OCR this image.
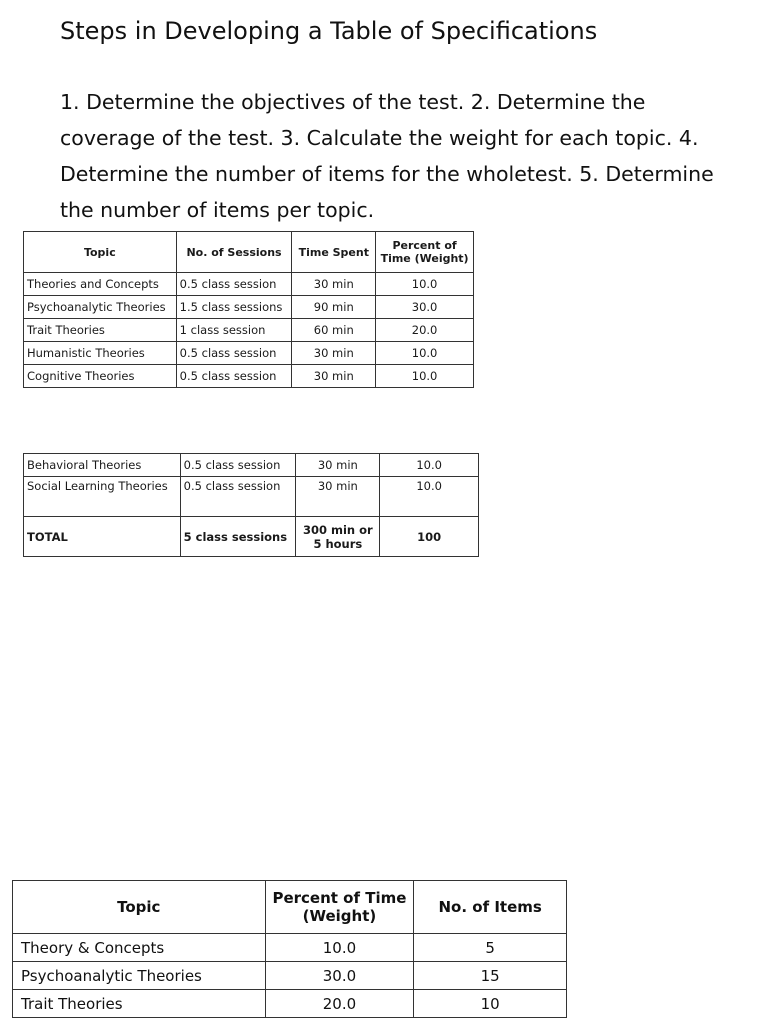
Steps in Developing a Table of Specifications
1. Determine the objectives of the test. 2. Determine the coverage of the test. 3. Calculate the weight for each topic. 4. Determine the number of items for the wholetest. 5. Determine the number of items per topic.
Topic	No. of Sessions	Time Spent	Percent of Time (Weight)
Theories and Concepts	0.5 class session	30 min	10.0
Psychoanalytic Theories	1.5 class sessions	90 min	30.0
Trait Theories	1 class session	60 min	20.0
Humanistic Theories	0.5 class session	30 min	10.0
Cognitive Theories	0.5 class session	30 min	10.0
Behavioral Theories	0.5 class session	30 min	10.0
Social Learning Theories	0.5 class session	30 min	10.0
TOTAL	5 class sessions	300 min or 5 hours	100
Topic	Percent of Time (Weight)	No. of Items
Theory & Concepts	10.0	5
Psychoanalytic Theories	30.0	15
Trait Theories	20.0	10
